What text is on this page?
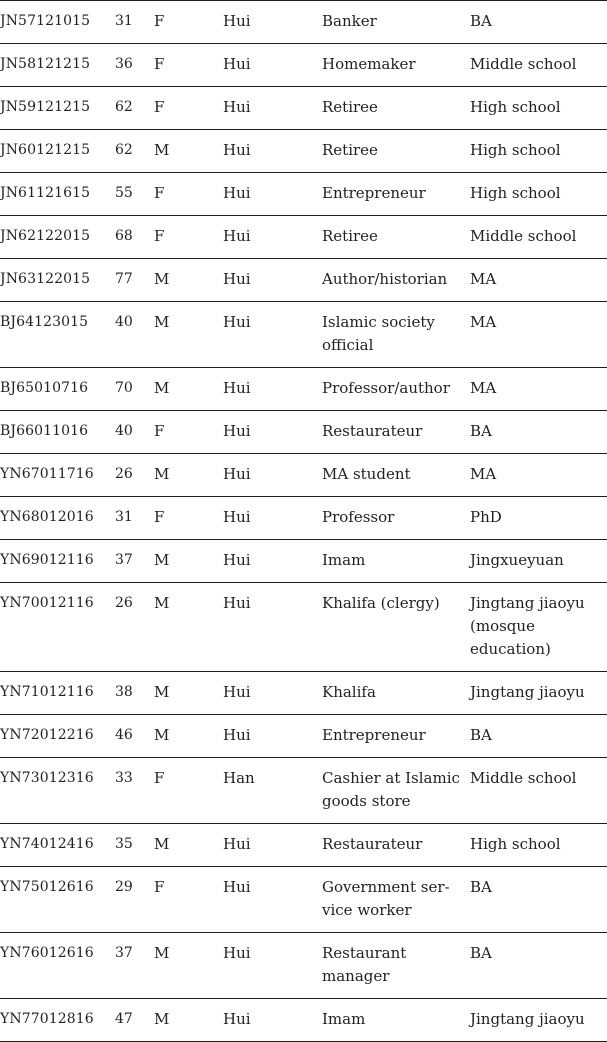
JN57121015	31	F	Hui	Banker	BA
JN58121215	36	F	Hui	Homemaker	Middle school
JN59121215	62	F	Hui	Retiree	High school
JN60121215	62	M	Hui	Retiree	High school
JN61121615	55	F	Hui	Entrepreneur	High school
JN62122015	68	F	Hui	Retiree	Middle school
JN63122015	77	M	Hui	Author/historian	MA
BJ64123015	40	M	Hui	Islamic society official	MA
BJ65010716	70	M	Hui	Professor/author	MA
BJ66011016	40	F	Hui	Restaurateur	BA
YN67011716	26	M	Hui	MA student	MA
YN68012016	31	F	Hui	Professor	PhD
YN69012116	37	M	Hui	Imam	Jingxueyuan
YN70012116	26	M	Hui	Khalifa (clergy)	Jingtang jiaoyu (mosque education)
YN71012116	38	M	Hui	Khalifa	Jingtang jiaoyu
YN72012216	46	M	Hui	Entrepreneur	BA
YN73012316	33	F	Han	Cashier at Islamic goods store	Middle school
YN74012416	35	M	Hui	Restaurateur	High school
YN75012616	29	F	Hui	Government ser-vice worker	BA
YN76012616	37	M	Hui	Restaurant manager	BA
YN77012816	47	M	Hui	Imam	Jingtang jiaoyu
